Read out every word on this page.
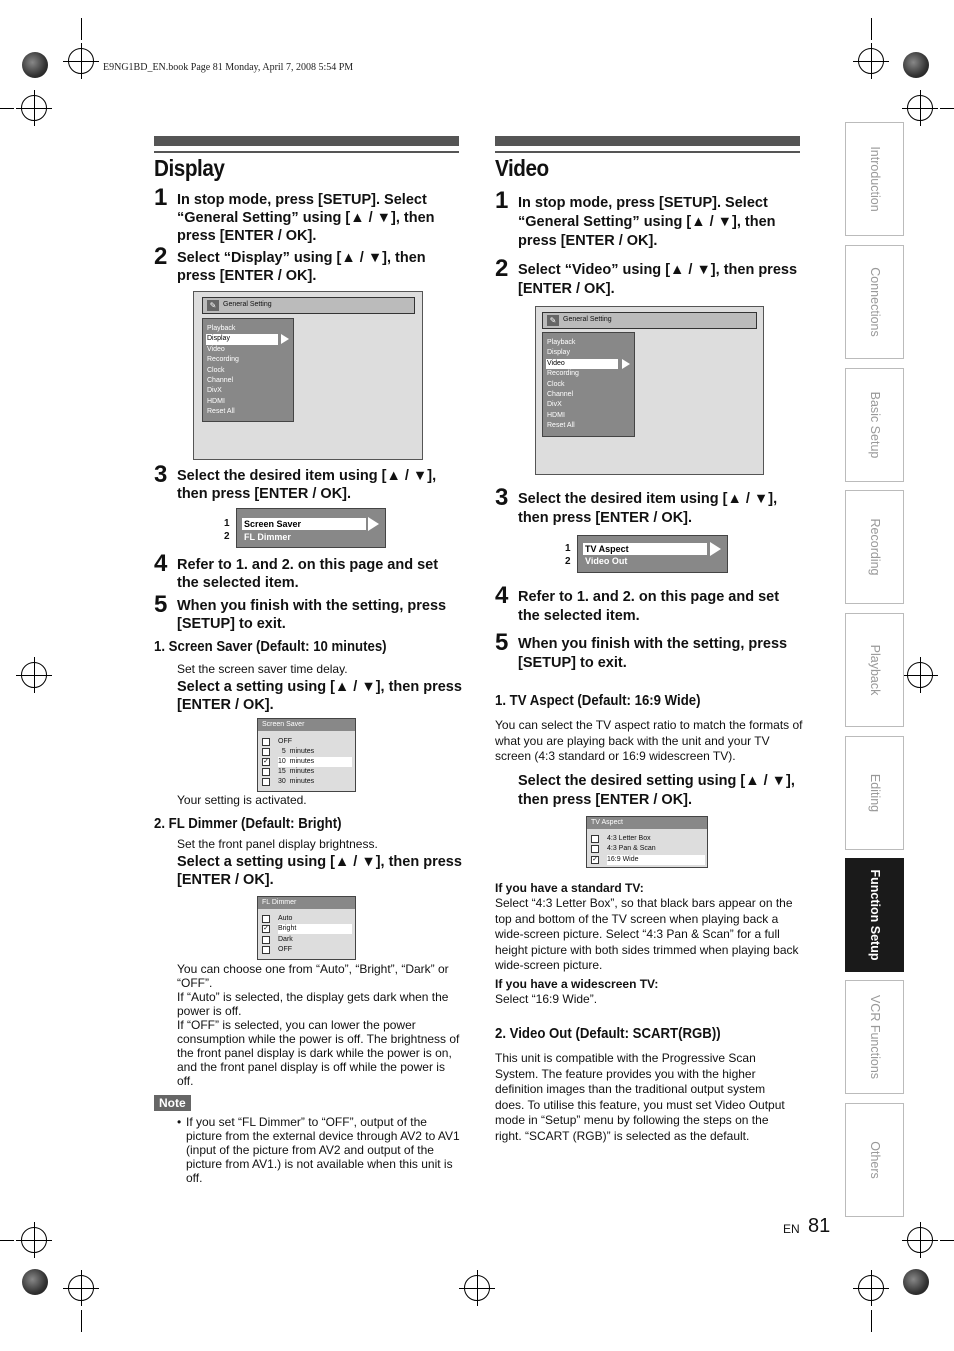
E9NG1BD_EN.book Page 81 Monday, April 7, 2008 5:54 PM
Display
1 In stop mode, press [SETUP]. Select “General Setting” using [▲ / ▼], then press [ENTER / OK].
2 Select “Display” using [▲ / ▼], then press [ENTER / OK].
✎ General Setting
Playback
Display
Video
Recording
Clock
Channel
DivX
HDMI
Reset All
3 Select the desired item using [▲ / ▼], then press [ENTER / OK].
1
2
Screen Saver
FL Dimmer
4 Refer to 1. and 2. on this page and set the selected item.
5 When you finish with the setting, press [SETUP] to exit.
1. Screen Saver (Default: 10 minutes)
Set the screen saver time delay.
Select a setting using [▲ / ▼], then press [ENTER / OK].
Screen Saver
OFF
5  minutes
✓ 10  minutes
15  minutes
30  minutes
Your setting is activated.
2. FL Dimmer (Default: Bright)
Set the front panel display brightness.
Select a setting using [▲ / ▼], then press [ENTER / OK].
FL Dimmer
Auto
✓ Bright
Dark
OFF
You can choose one from “Auto”, “Bright”, “Dark” or “OFF”.
If “Auto” is selected, the display gets dark when the power is off.
If “OFF” is selected, you can lower the power consumption while the power is off. The brightness of the front panel display is dark while the power is on, and the front panel display is off while the power is off.
Note
• If you set “FL Dimmer” to “OFF”, output of the picture from the external device through AV2 to AV1 (input of the picture from AV2 and output of the picture from AV1.) is not available when this unit is off.
Video
1 In stop mode, press [SETUP]. Select “General Setting” using [▲ / ▼], then press [ENTER / OK].
2 Select “Video” using [▲ / ▼], then press [ENTER / OK].
✎ General Setting
Playback
Display
Video
Recording
Clock
Channel
DivX
HDMI
Reset All
3 Select the desired item using [▲ / ▼], then press [ENTER / OK].
1
2
TV Aspect
Video Out
4 Refer to 1. and 2. on this page and set the selected item.
5 When you finish with the setting, press [SETUP] to exit.
1. TV Aspect (Default: 16:9 Wide)
You can select the TV aspect ratio to match the formats of what you are playing back with the unit and your TV screen (4:3 standard or 16:9 widescreen TV).
Select the desired setting using [▲ / ▼], then press [ENTER / OK].
TV Aspect
4:3 Letter Box
4:3 Pan & Scan
✓ 16:9 Wide
If you have a standard TV:
Select “4:3 Letter Box”, so that black bars appear on the top and bottom of the TV screen when playing back a wide-screen picture. Select “4:3 Pan & Scan” for a full height picture with both sides trimmed when playing back wide-screen picture.
If you have a widescreen TV:
Select “16:9 Wide”.
2. Video Out (Default: SCART(RGB))
This unit is compatible with the Progressive Scan System. The feature provides you with the higher definition images than the traditional output system does. To utilise this feature, you must set Video Output mode in “Setup” menu by following the steps on the right. “SCART (RGB)” is selected as the default.
Introduction
Connections
Basic Setup
Recording
Playback
Editing
Function Setup
VCR Functions
Others
EN 81
